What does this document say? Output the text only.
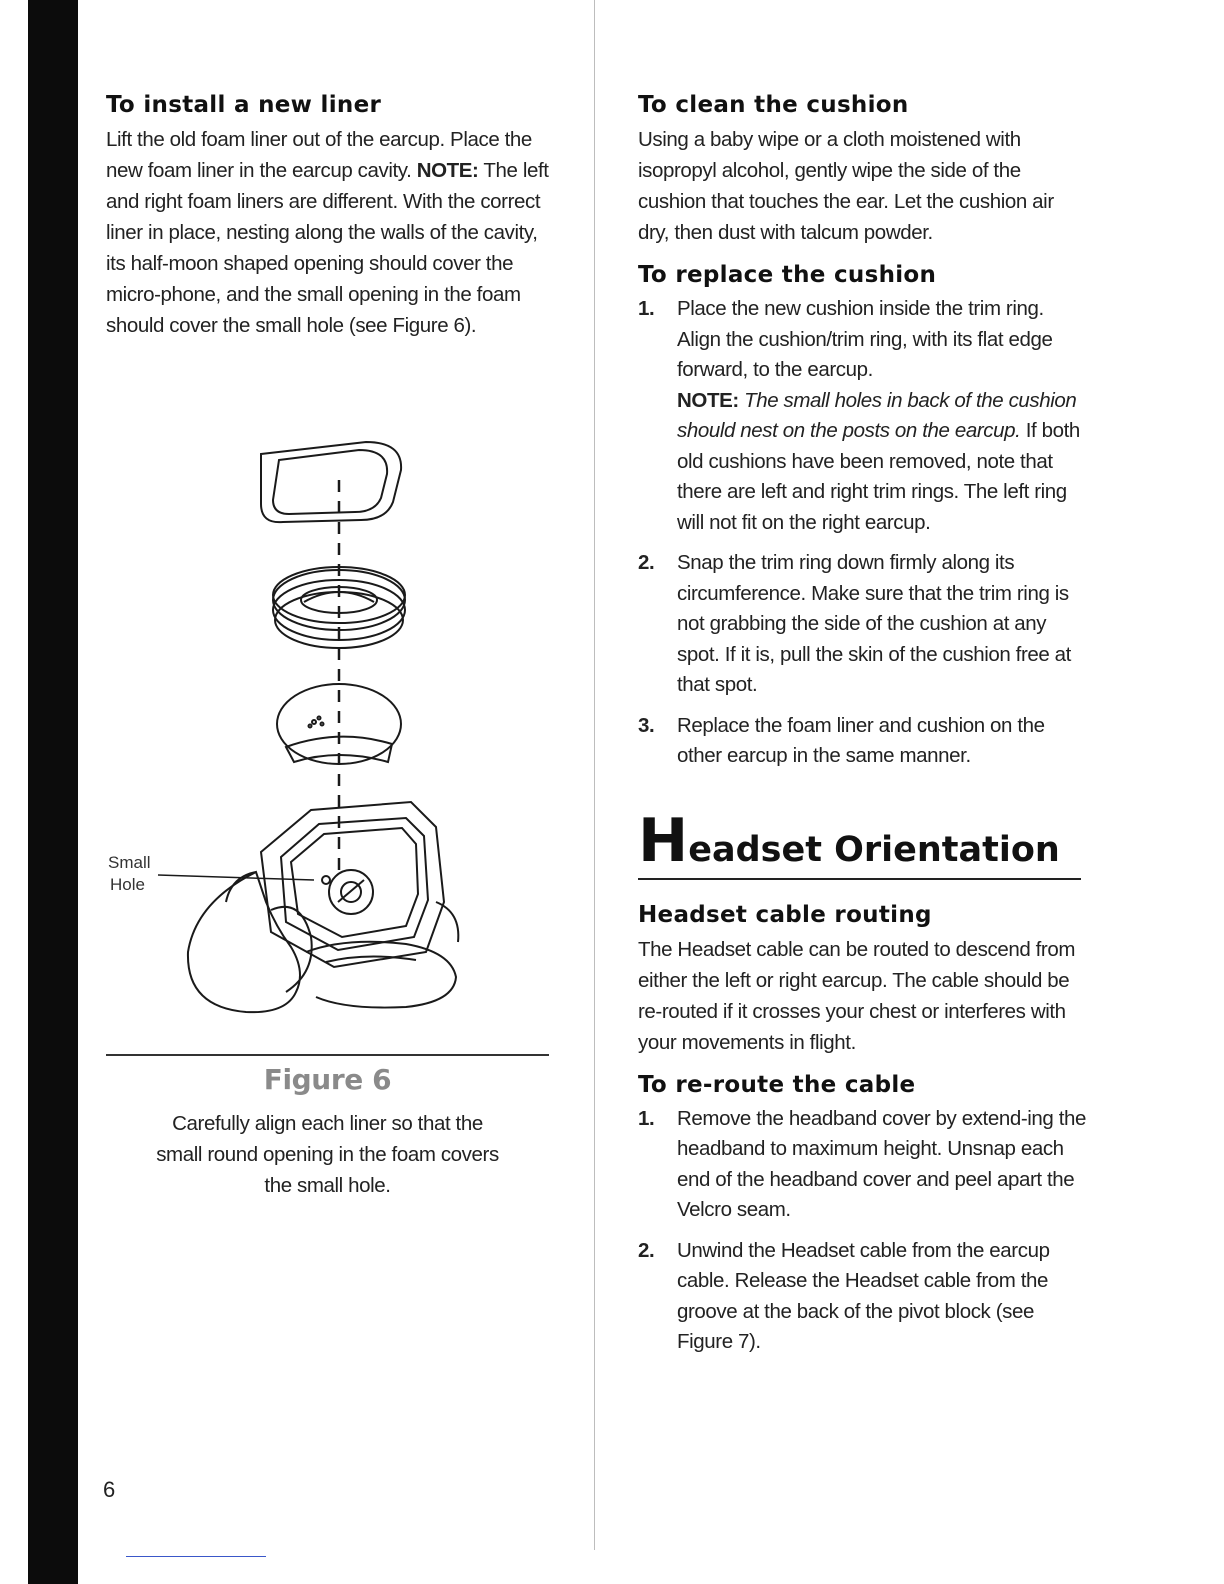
To install a new liner

Lift the old foam liner out of the earcup. Place the new foam liner in the earcup cavity. NOTE: The left and right foam liners are different. With the correct liner in place, nesting along the walls of the cavity, its half-moon shaped opening should cover the micro-phone, and the small opening in the foam should cover the small hole (see Figure 6).

Small
Hole

Figure 6

Carefully align each liner so that the small round opening in the foam covers the small hole.

6

To clean the cushion

Using a baby wipe or a cloth moistened with isopropyl alcohol, gently wipe the side of the cushion that touches the ear. Let the cushion air dry, then dust with talcum powder.

To replace the cushion
1. Place the new cushion inside the trim ring. Align the cushion/trim ring, with its flat edge forward, to the earcup.
NOTE: The small holes in back of the cushion should nest on the posts on the earcup. If both old cushions have been removed, note that there are left and right trim rings. The left ring will not fit on the right earcup.
2. Snap the trim ring down firmly along its circumference. Make sure that the trim ring is not grabbing the side of the cushion at any spot. If it is, pull the skin of the cushion free at that spot.
3. Replace the foam liner and cushion on the other earcup in the same manner.
Headset Orientation
Headset cable routing

The Headset cable can be routed to descend from either the left or right earcup. The cable should be re-routed if it crosses your chest or interferes with your movements in flight.

To re-route the cable
1. Remove the headband cover by extend-ing the headband to maximum height. Unsnap each end of the headband cover and peel apart the Velcro seam.
2. Unwind the Headset cable from the earcup cable. Release the Headset cable from the groove at the back of the pivot block (see Figure 7).
